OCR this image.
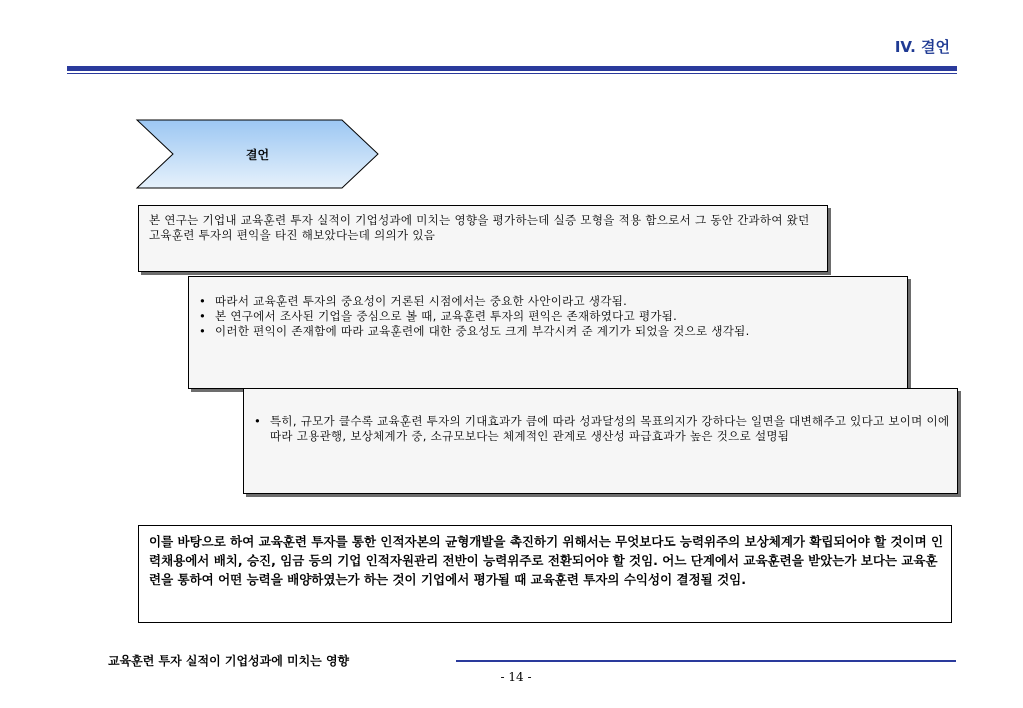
IV. 결언
결언

본 연구는 기업내 교육훈련 투자 실적이 기업성과에 미치는 영향을 평가하는데 실증 모형을 적용 함으로서 그 동안 간과하여 왔던 고육훈련 투자의 편익을 타진 해보았다는데 의의가 있음

• 따라서 교육훈련 투자의 중요성이 거론된 시점에서는 중요한 사안이라고 생각됨.
• 본 연구에서 조사된 기업을 중심으로 볼 때, 교육훈련 투자의 편익은 존재하였다고 평가됨.
• 이러한 편익이 존재함에 따라 교육훈련에 대한 중요성도 크게 부각시켜 준 계기가 되었을 것으로 생각됨.
• 특히, 규모가 클수록 교육훈련 투자의 기대효과가 큼에 따라 성과달성의 목표의지가 강하다는 일면을 대변해주고 있다고 보이며 이에 따라 고용관행, 보상체계가 중, 소규모보다는 체계적인 관계로 생산성 파급효과가 높은 것으로 설명됨

이를 바탕으로 하여 교육훈련 투자를 통한 인적자본의 균형개발을 촉진하기 위해서는 무엇보다도 능력위주의 보상체계가 확립되어야 할 것이며 인력채용에서 배치, 승진, 임금 등의 기업 인적자원관리 전반이 능력위주로 전환되어야 할 것임. 어느 단계에서 교육훈련을 받았는가 보다는 교육훈련을 통하여 어떤 능력을 배양하였는가 하는 것이 기업에서 평가될 때 교육훈련 투자의 수익성이 결정될 것임.

교육훈련 투자 실적이 기업성과에 미치는 영향
- 14 -
